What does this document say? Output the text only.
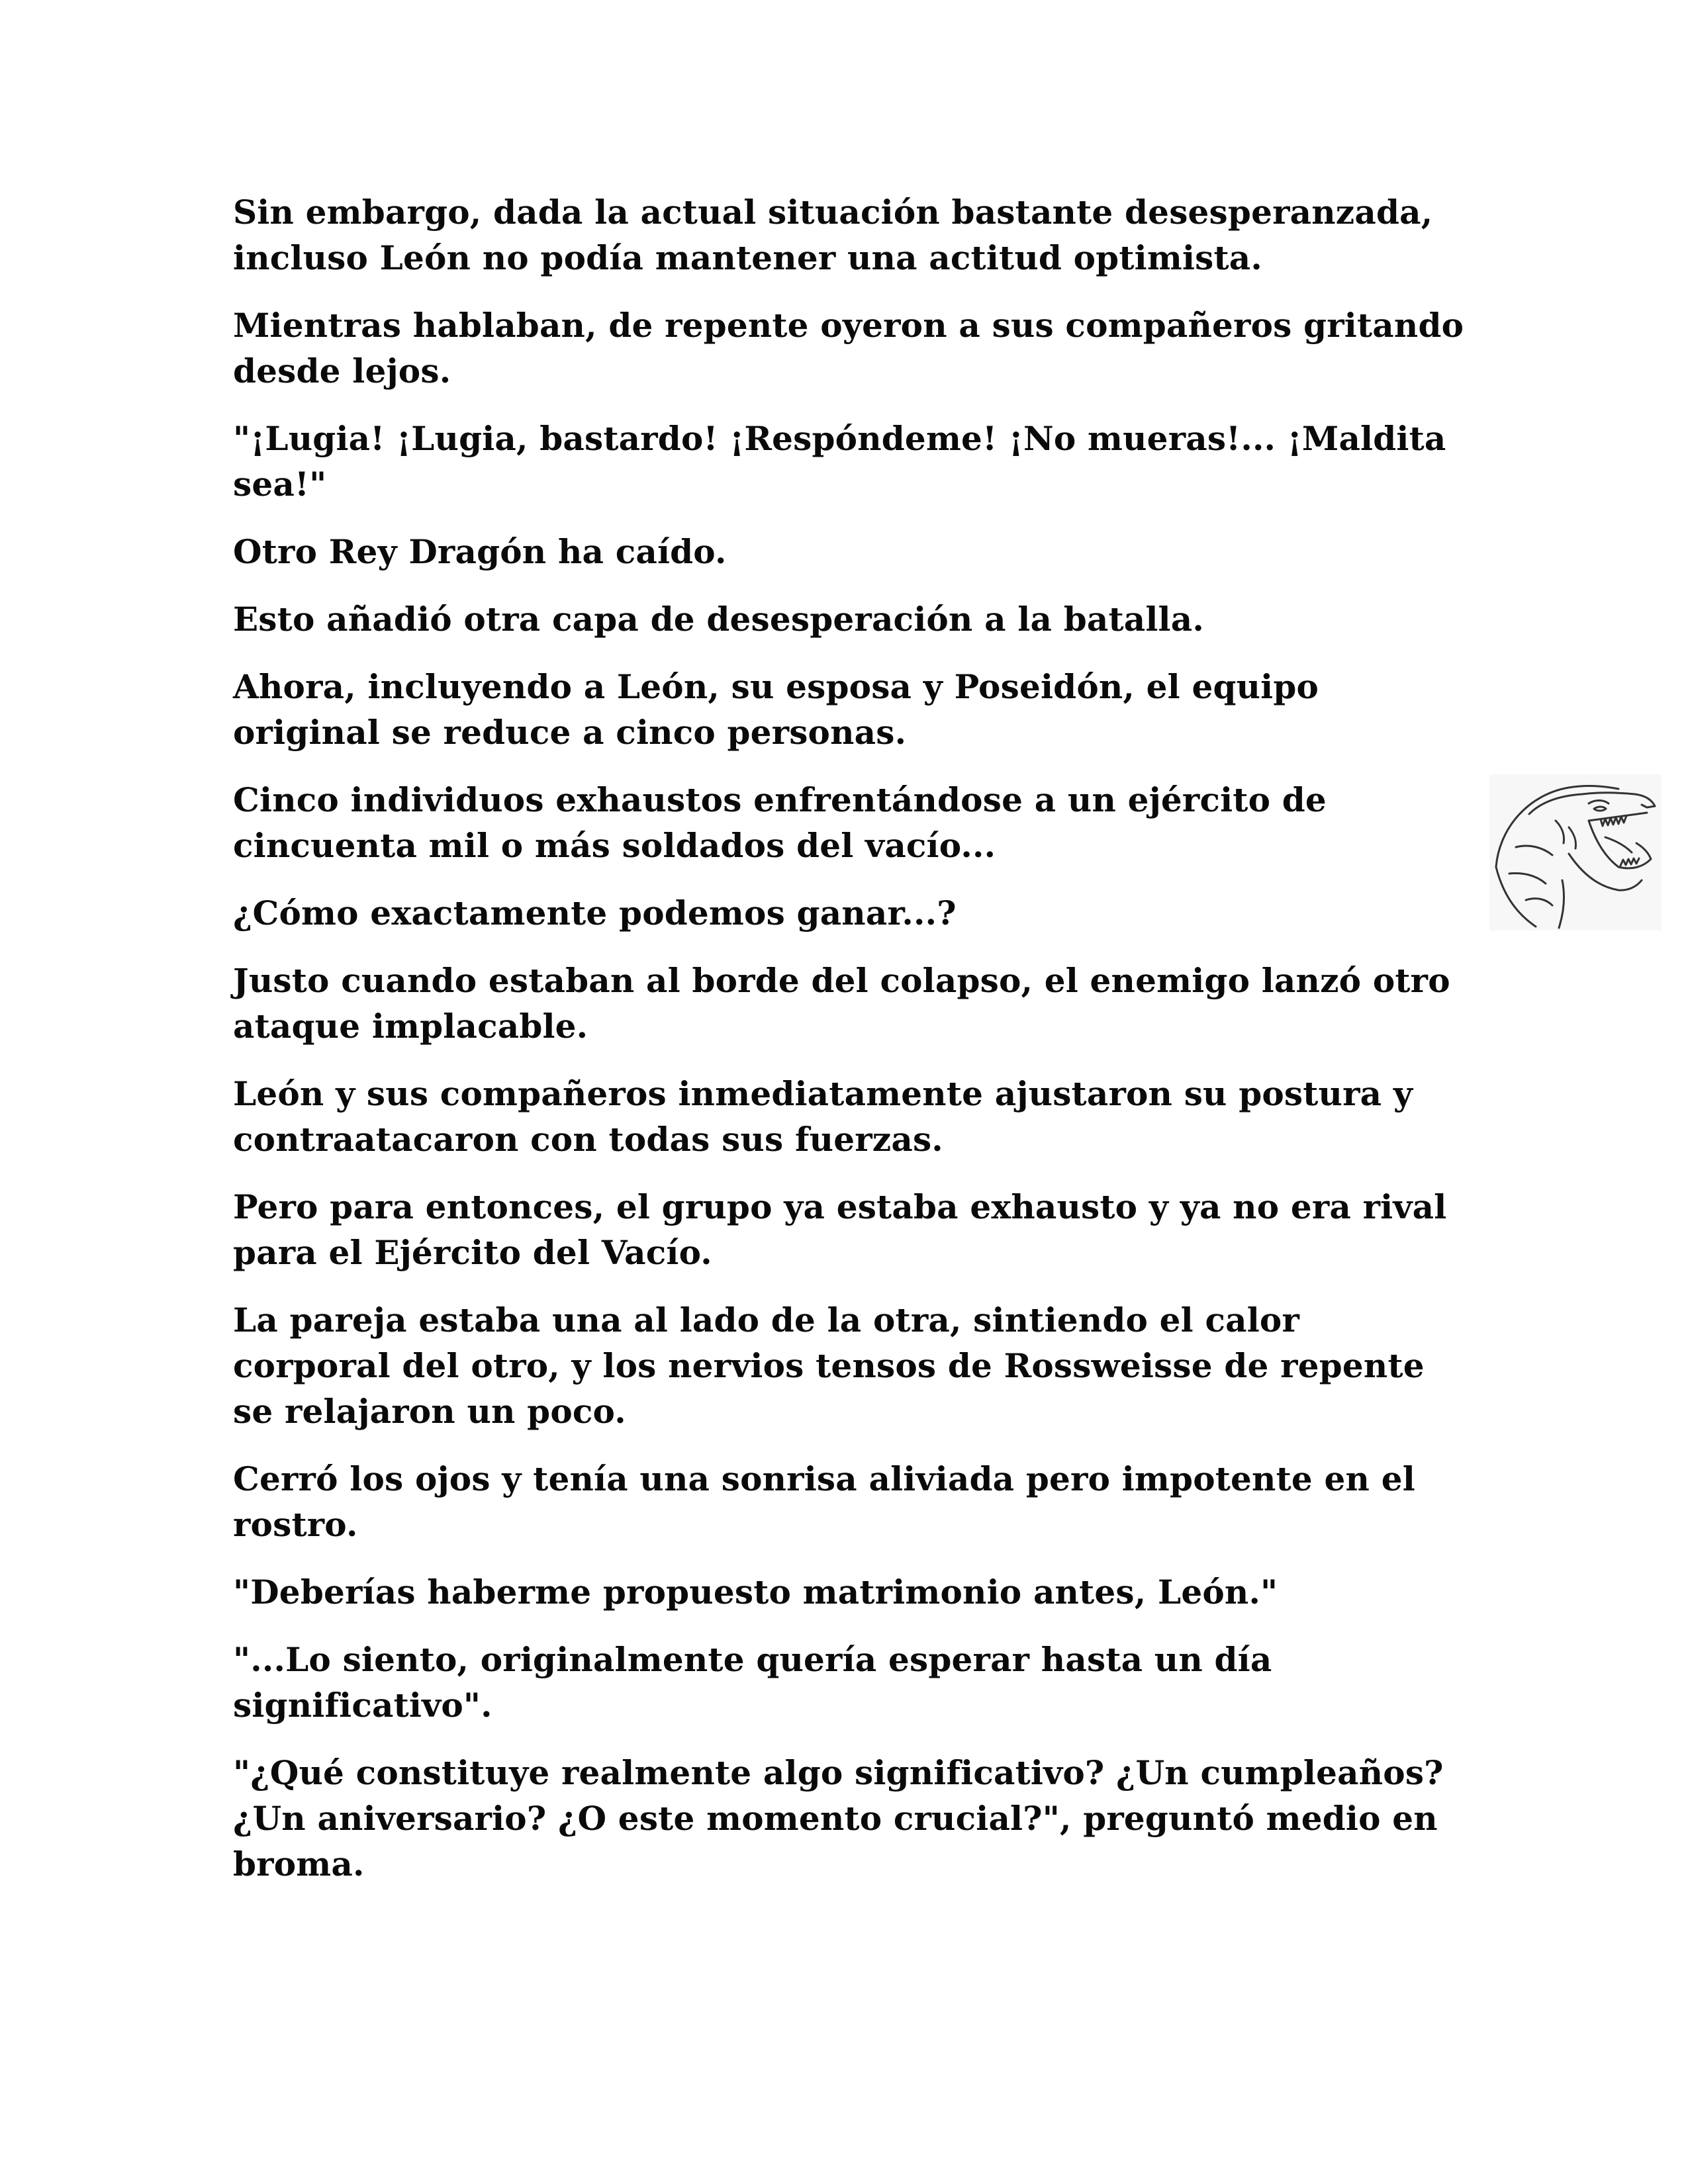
Sin embargo, dada la actual situación bastante desesperanzada, incluso León no podía mantener una actitud optimista.

Mientras hablaban, de repente oyeron a sus compañeros gritando desde lejos.

"¡Lugia! ¡Lugia, bastardo! ¡Respóndeme! ¡No mueras!... ¡Maldita sea!"

Otro Rey Dragón ha caído.

Esto añadió otra capa de desesperación a la batalla.

Ahora, incluyendo a León, su esposa y Poseidón, el equipo original se reduce a cinco personas.

Cinco individuos exhaustos enfrentándose a un ejército de cincuenta mil o más soldados del vacío...

¿Cómo exactamente podemos ganar...?

Justo cuando estaban al borde del colapso, el enemigo lanzó otro ataque implacable.

León y sus compañeros inmediatamente ajustaron su postura y contraatacaron con todas sus fuerzas.

Pero para entonces, el grupo ya estaba exhausto y ya no era rival para el Ejército del Vacío.

La pareja estaba una al lado de la otra, sintiendo el calor corporal del otro, y los nervios tensos de Rossweisse de repente se relajaron un poco.

Cerró los ojos y tenía una sonrisa aliviada pero impotente en el rostro.

"Deberías haberme propuesto matrimonio antes, León."

"...Lo siento, originalmente quería esperar hasta un día significativo".

"¿Qué constituye realmente algo significativo? ¿Un cumpleaños? ¿Un aniversario? ¿O este momento crucial?", preguntó medio en broma.
